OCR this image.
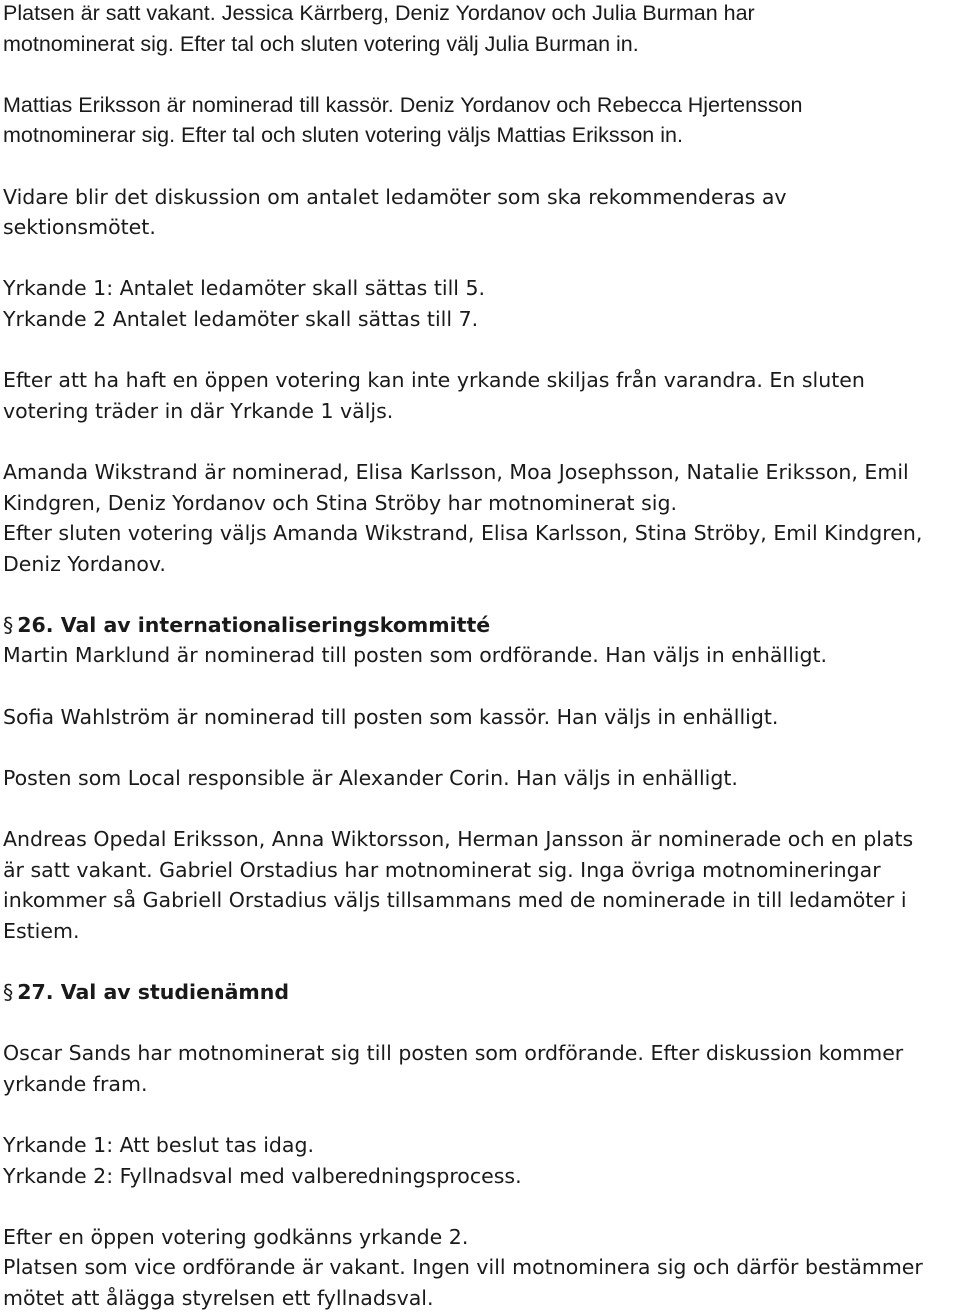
Platsen är satt vakant. Jessica Kärrberg, Deniz Yordanov och Julia Burman har
motnominerat sig. Efter tal och sluten votering välj Julia Burman in.
Mattias Eriksson är nominerad till kassör. Deniz Yordanov och Rebecca Hjertensson
motnominerar sig. Efter tal och sluten votering väljs Mattias Eriksson in.
Vidare blir det diskussion om antalet ledamöter som ska rekommenderas av
sektionsmötet.
Yrkande 1: Antalet ledamöter skall sättas till 5.
Yrkande 2 Antalet ledamöter skall sättas till 7.
Efter att ha haft en öppen votering kan inte yrkande skiljas från varandra. En sluten
votering träder in där Yrkande 1 väljs.
Amanda Wikstrand är nominerad, Elisa Karlsson, Moa Josephsson, Natalie Eriksson, Emil
Kindgren, Deniz Yordanov och Stina Ströby har motnominerat sig.
Efter sluten votering väljs Amanda Wikstrand, Elisa Karlsson, Stina Ströby, Emil Kindgren,
Deniz Yordanov.
§ 26. Val av internationaliseringskommitté
Martin Marklund är nominerad till posten som ordförande. Han väljs in enhälligt.
Sofia Wahlström är nominerad till posten som kassör. Han väljs in enhälligt.
Posten som Local responsible är Alexander Corin. Han väljs in enhälligt.
Andreas Opedal Eriksson, Anna Wiktorsson, Herman Jansson är nominerade och en plats
är satt vakant. Gabriel Orstadius har motnominerat sig. Inga övriga motnomineringar
inkommer så Gabriell Orstadius väljs tillsammans med de nominerade in till ledamöter i
Estiem.
§ 27. Val av studienämnd
Oscar Sands har motnominerat sig till posten som ordförande. Efter diskussion kommer
yrkande fram.
Yrkande 1: Att beslut tas idag.
Yrkande 2: Fyllnadsval med valberedningsprocess.
Efter en öppen votering godkänns yrkande 2.
Platsen som vice ordförande är vakant. Ingen vill motnominera sig och därför bestämmer
mötet att ålägga styrelsen ett fyllnadsval.
